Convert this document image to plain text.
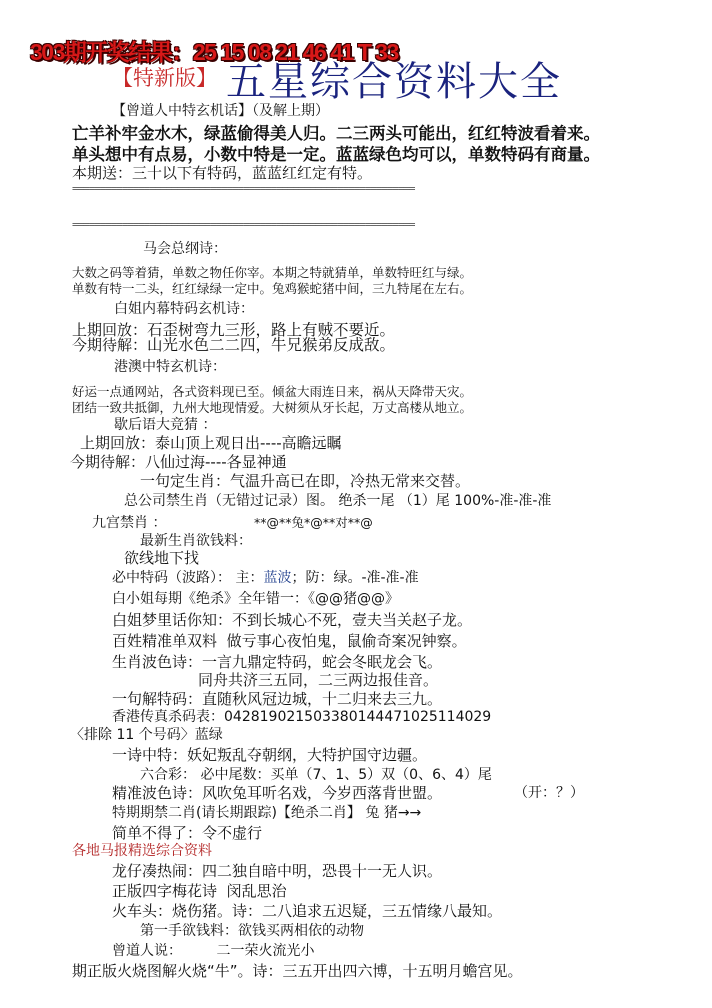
303期开奖结果：25 15 08 21 46 41 T 33
【特新版】 五星综合资料大全
【曾道人中特玄机话】（及解上期）
亡羊补牢金水木，绿蓝偷得美人归。二三两头可能出，红红特波看着来。
单头想中有点易，小数中特是一定。蓝蓝绿色均可以，单数特码有商量。
本期送：三十以下有特码，蓝蓝红红定有特。
==============================================================
==============================================================
马会总纲诗：
大数之码等着猜，单数之物任你宰。本期之特就猜单，单数特旺红与绿。
单数有特一二头，红红绿绿一定中。兔鸡猴蛇猪中间，三九特尾在左右。
白姐内幕特码玄机诗：
上期回放：石歪树弯九三形，路上有贼不要近。
今期待解：山光水色二二四，牛兄猴弟反成敌。
港澳中特玄机诗：
好运一点通网站，各式资料现已至。倾盆大雨连日来，祸从天降带天灾。
团结一致共抵御，九州大地现情爱。大树须从牙长起，万丈高楼从地立。
歇后语大竞猜 ：
上期回放：泰山顶上观日出----高瞻远瞩
今期待解：八仙过海----各显神通
一句定生肖：气温升高已在即，冷热无常来交替。
总公司禁生肖（无错过记录）图。 绝杀一尾 （1）尾 100%-准-准-准
九宫禁肖 ：	**@**兔*@**对**@
最新生肖欲钱料：
欲线地下找
必中特码（波路）： 主：蓝波；防：绿。-准-准-准
白小姐每期《绝杀》全年错一：《@@猪@@》
白姐梦里话你知：不到长城心不死，壹夫当关赵子龙。
百姓精准单双料 做亏事心夜怕鬼，鼠偷奇案况钟察。
生肖波色诗：一言九鼎定特码，蛇会冬眠龙会飞。
同舟共济三五同，二三两边报佳音。
一句解特码：直随秋风冠边城，十二归来去三九。
香港传真杀码表：04281902150338014447102511402​9
〈排除 11 个号码〉蓝绿
一诗中特：妖妃叛乱夺朝纲，大特护国守边疆。
六合彩： 必中尾数：买单（7、1、5）双（0、6、4）尾
精准波色诗：风吹兔耳听名戏，今岁西落背世盟。	（开：？）
特期期禁二肖(请长期跟踪)【绝杀二肖】 兔 猪→→
简单不得了：令不虚行
各地马报精选综合资料
龙仔凑热闹：四二独自暗中明，恐畏十一无人识。
正版四字梅花诗 闵乱思治
火车头：烧伤猪。诗：二八追求五迟疑，三五情缘八最知。
第一手欲钱料：欲钱买两相依的动物
曾道人说： 二一荣火流光小
期正版火烧图解火烧“牛”。诗：三五开出四六博，十五明月蟾宫见。
